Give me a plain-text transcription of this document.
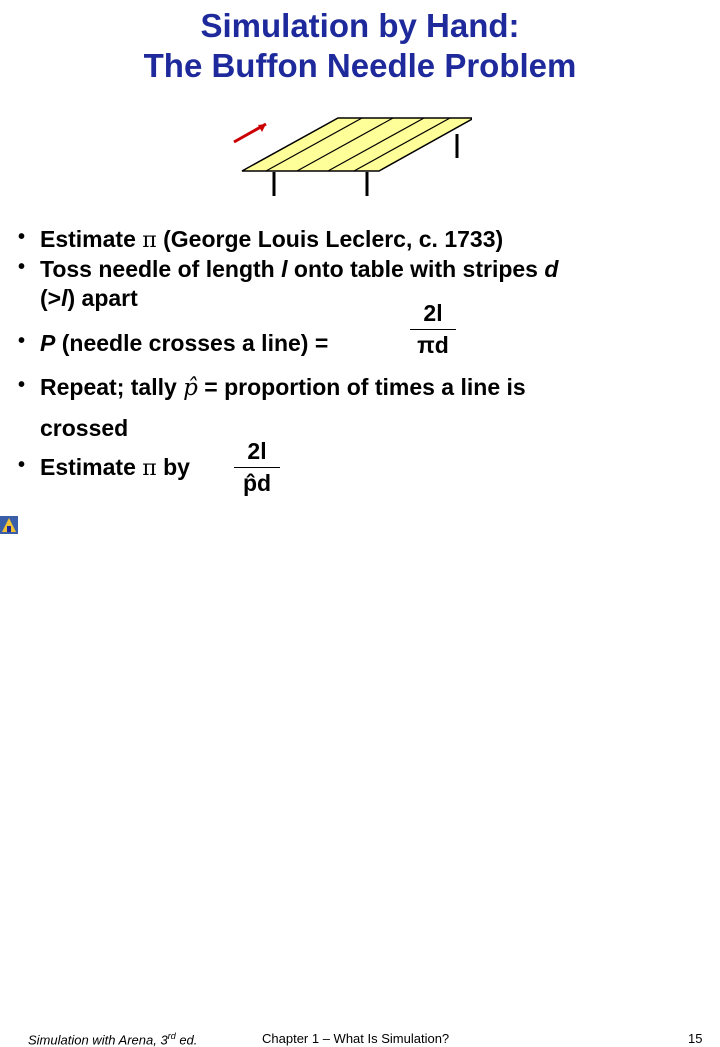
Simulation by Hand:
The Buffon Needle Problem
• Estimate π (George Louis Leclerc, c. 1733)
• Toss needle of length l onto table with stripes d
(>l) apart
• P (needle crosses a line) =
• Repeat; tally p̂ = proportion of times a line is
crossed
• Estimate π by
2l
πd
2l
p̂d
Simulation with Arena, 3rd ed.	Chapter 1 – What Is Simulation?	15
